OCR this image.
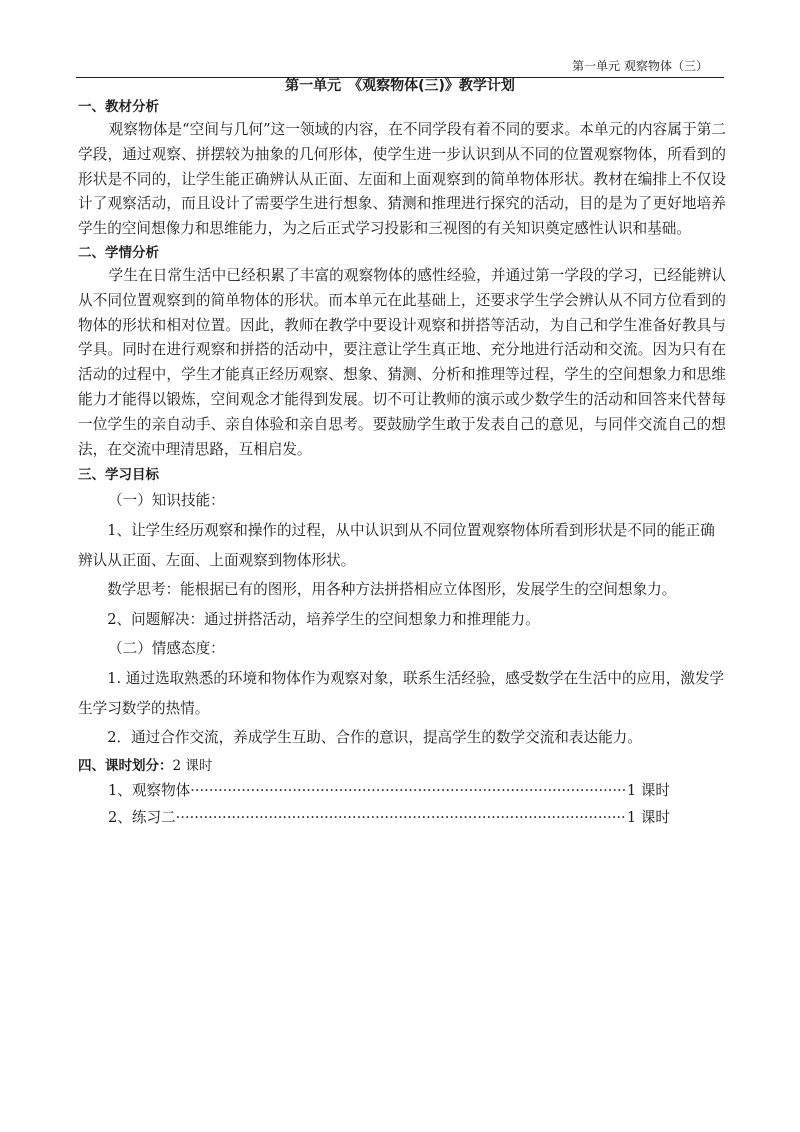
第一单元 观察物体（三）
第一单元　《观察物体(三)》教学计划
一、教材分析

观察物体是“空间与几何”这一领域的内容，在不同学段有着不同的要求。本单元的内容属于第二学段，通过观察、拼摆较为抽象的几何形体，使学生进一步认识到从不同的位置观察物体，所看到的形状是不同的，让学生能正确辨认从正面、左面和上面观察到的简单物体形状。教材在编排上不仅设计了观察活动，而且设计了需要学生进行想象、猜测和推理进行探究的活动，目的是为了更好地培养学生的空间想像力和思维能力，为之后正式学习投影和三视图的有关知识奠定感性认识和基础。

二、学情分析

学生在日常生活中已经积累了丰富的观察物体的感性经验，并通过第一学段的学习，已经能辨认从不同位置观察到的简单物体的形状。而本单元在此基础上，还要求学生学会辨认从不同方位看到的物体的形状和相对位置。因此，教师在教学中要设计观察和拼搭等活动，为自己和学生准备好教具与学具。同时在进行观察和拼搭的活动中，要注意让学生真正地、充分地进行活动和交流。因为只有在活动的过程中，学生才能真正经历观察、想象、猜测、分析和推理等过程，学生的空间想象力和思维能力才能得以锻炼，空间观念才能得到发展。切不可让教师的演示或少数学生的活动和回答来代替每一位学生的亲自动手、亲自体验和亲自思考。要鼓励学生敢于发表自己的意见，与同伴交流自己的想法，在交流中理清思路，互相启发。

三、学习目标

（一）知识技能：

1、让学生经历观察和操作的过程，从中认识到从不同位置观察物体所看到形状是不同的能正确辨认从正面、左面、上面观察到物体形状。

数学思考：能根据已有的图形，用各种方法拼搭相应立体图形，发展学生的空间想象力。

2、问题解决：通过拼搭活动，培养学生的空间想象力和推理能力。

（二）情感态度：

1. 通过选取熟悉的环境和物体作为观察对象，联系生活经验，感受数学在生活中的应用，激发学生学习数学的热情。

2．通过合作交流，养成学生互助、合作的意识，提高学生的数学交流和表达能力。

四、课时划分：2 课时
1、观察物体 ·····	1 课时
2、练习二 ·····	1 课时
